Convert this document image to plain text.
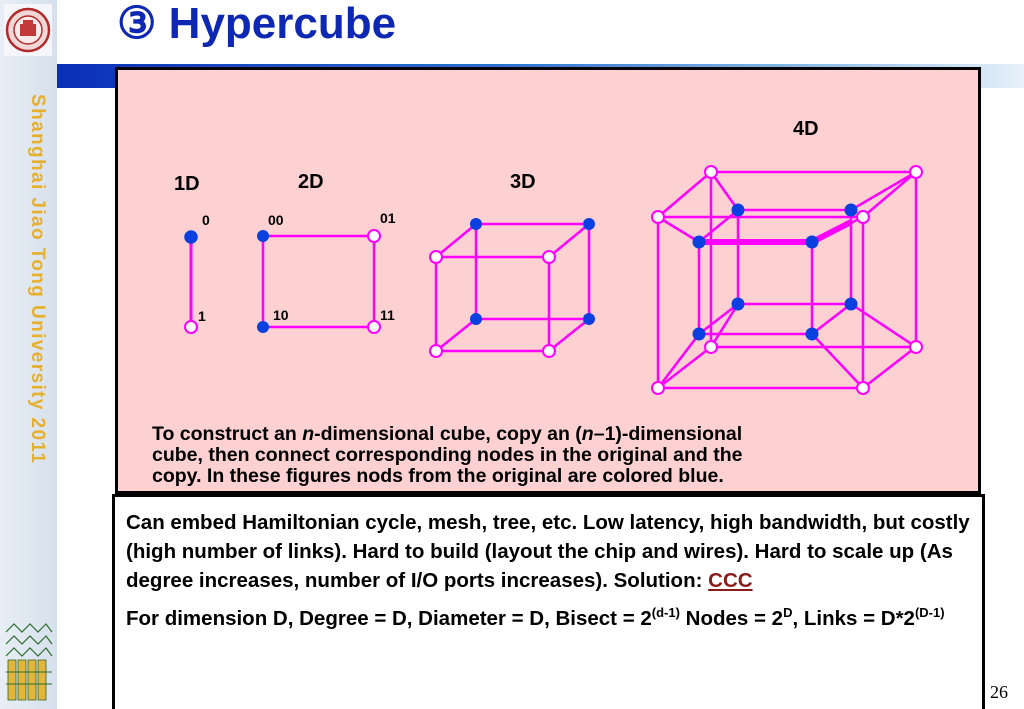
Shanghai Jiao Tong University 2011
③ Hypercube
1D	2D	3D
4D
0
1
00	01
10	11
To construct an n-dimensional cube, copy an (n–1)-dimensional
cube, then connect corresponding nodes in the original and the
copy. In these figures nods from the original are colored blue.

Can embed Hamiltonian cycle, mesh, tree, etc. Low latency, high bandwidth, but costly (high number of links). Hard to build (layout the chip and wires). Hard to scale up (As degree increases, number of I/O ports increases). Solution: CCC

For dimension D, Degree = D, Diameter = D, $Bisect = 2^{(d-1)}$ Nodes = $2^D$, Links = $D*2^{(D-1)}$

26
